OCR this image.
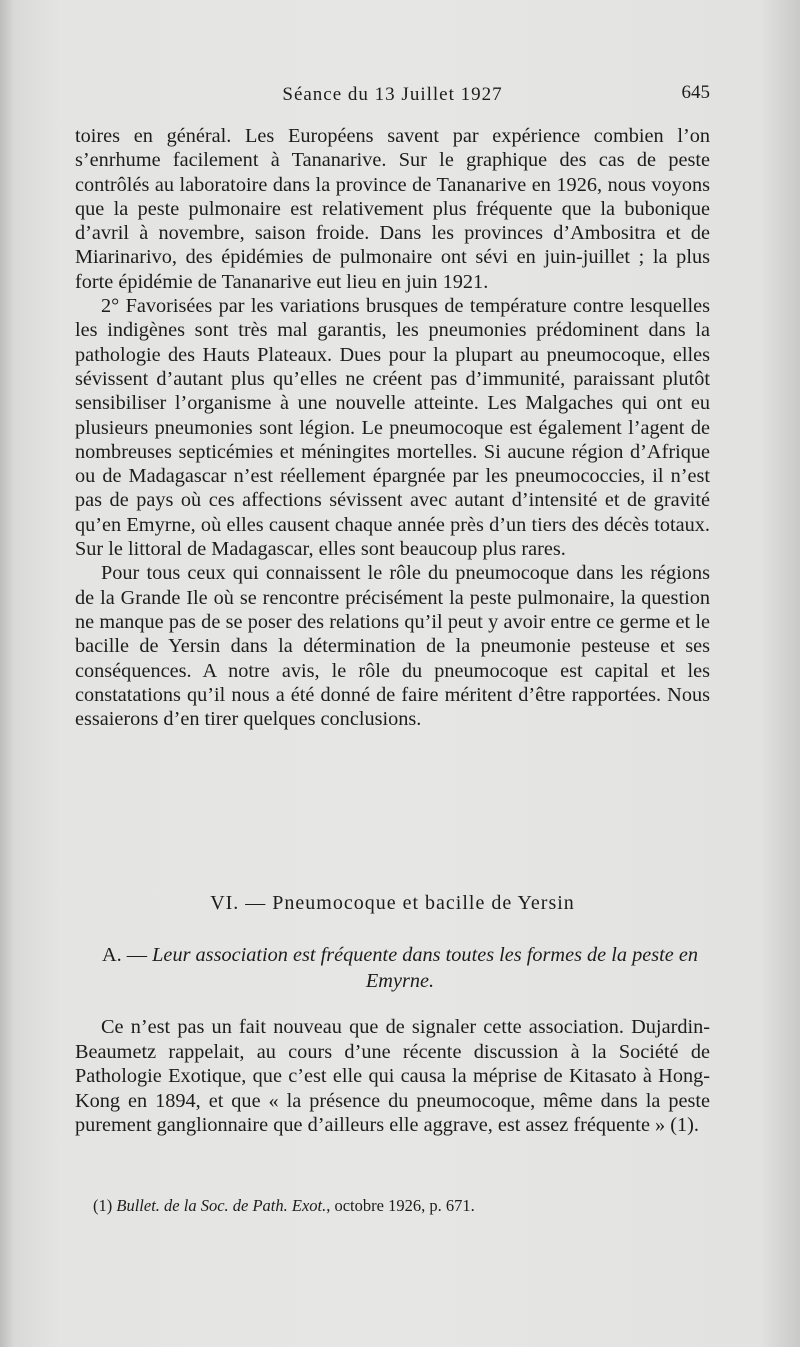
Séance du 13 Juillet 1927	645

toires en général. Les Européens savent par expérience combien l’on s’enrhume facilement à Tananarive. Sur le graphique des cas de peste contrôlés au laboratoire dans la province de Tananarive en 1926, nous voyons que la peste pulmonaire est relativement plus fréquente que la bubonique d’avril à novembre, saison froide. Dans les provinces d’Ambositra et de Miarinarivo, des épidémies de pulmonaire ont sévi en juin-juillet ; la plus forte épidémie de Tananarive eut lieu en juin 1921.

2° Favorisées par les variations brusques de température contre lesquelles les indigènes sont très mal garantis, les pneumonies prédominent dans la pathologie des Hauts Plateaux. Dues pour la plupart au pneumocoque, elles sévissent d’autant plus qu’elles ne créent pas d’immunité, paraissant plutôt sensibiliser l’organisme à une nouvelle atteinte. Les Malgaches qui ont eu plusieurs pneumonies sont légion. Le pneumocoque est également l’agent de nombreuses septicémies et méningites mortelles. Si aucune région d’Afrique ou de Madagascar n’est réellement épargnée par les pneumococcies, il n’est pas de pays où ces affections sévissent avec autant d’intensité et de gravité qu’en Emyrne, où elles causent chaque année près d’un tiers des décès totaux. Sur le littoral de Madagascar, elles sont beaucoup plus rares.

Pour tous ceux qui connaissent le rôle du pneumocoque dans les régions de la Grande Ile où se rencontre précisément la peste pulmonaire, la question ne manque pas de se poser des relations qu’il peut y avoir entre ce germe et le bacille de Yersin dans la détermination de la pneumonie pesteuse et ses conséquences. A notre avis, le rôle du pneumocoque est capital et les constatations qu’il nous a été donné de faire méritent d’être rapportées. Nous essaierons d’en tirer quelques conclusions.

VI. — Pneumocoque et bacille de Yersin
A. — Leur association est fréquente dans toutes les formes de la peste en Emyrne.

Ce n’est pas un fait nouveau que de signaler cette association. Dujardin-Beaumetz rappelait, au cours d’une récente discussion à la Société de Pathologie Exotique, que c’est elle qui causa la méprise de Kitasato à Hong-Kong en 1894, et que « la présence du pneumocoque, même dans la peste purement ganglionnaire que d’ailleurs elle aggrave, est assez fréquente » (1).

(1) Bullet. de la Soc. de Path. Exot., octobre 1926, p. 671.
